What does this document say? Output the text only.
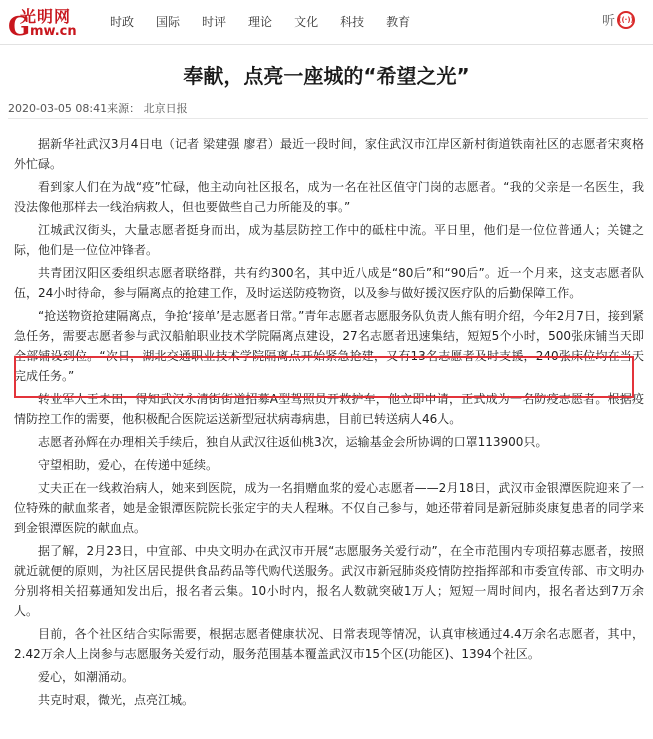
G
光明网
mw.cn
时政 国际 时评 理论 文化 科技 教育	听 ((·))
奉献，点亮一座城的“希望之光”
2020-03-05 08:41来源： 北京日报

据新华社武汉3月4日电（记者 梁建强 廖君）最近一段时间，家住武汉市江岸区新村街道铁南社区的志愿者宋爽格外忙碌。

看到家人们在为战“疫”忙碌，他主动向社区报名，成为一名在社区值守门岗的志愿者。“我的父亲是一名医生，我没法像他那样去一线治病救人，但也要做些自己力所能及的事。”

江城武汉街头，大量志愿者挺身而出，成为基层防控工作中的砥柱中流。平日里，他们是一位位普通人；关键之际，他们是一位位冲锋者。

共青团汉阳区委组织志愿者联络群，共有约300名，其中近八成是“80后”和“90后”。近一个月来，这支志愿者队伍，24小时待命，参与隔离点的抢建工作，及时运送防疫物资，以及参与做好援汉医疗队的后勤保障工作。

“抢送物资抢建隔离点，争抢‘接单’是志愿者日常。”青年志愿者志愿服务队负责人熊有明介绍，今年2月7日，接到紧急任务，需要志愿者参与武汉船舶职业技术学院隔离点建设，27名志愿者迅速集结，短短5个小时，500张床铺当天即全部铺设到位。“次日，湖北交通职业技术学院隔离点开始紧急抢建，又有13名志愿者及时支援，240张床位均在当天完成任务。”

转业军人王未田，得知武汉永清街街道招募A型驾照员开救护车，他立即申请，正式成为一名防疫志愿者。根据疫情防控工作的需要，他积极配合医院运送新型冠状病毒病患，目前已转送病人46人。

志愿者孙辉在办理相关手续后，独自从武汉往返仙桃3次，运输基金会所协调的口罩113900只。

守望相助，爱心，在传递中延续。

丈夫正在一线救治病人，她来到医院，成为一名捐赠血浆的爱心志愿者——2月18日，武汉市金银潭医院迎来了一位特殊的献血浆者，她是金银潭医院院长张定宇的夫人程琳。不仅自己参与，她还带着同是新冠肺炎康复患者的同学来到金银潭医院的献血点。

据了解，2月23日，中宣部、中央文明办在武汉市开展“志愿服务关爱行动”，在全市范围内专项招募志愿者，按照就近就便的原则，为社区居民提供食品药品等代购代送服务。武汉市新冠肺炎疫情防控指挥部和市委宣传部、市文明办分别将相关招募通知发出后，报名者云集。10小时内，报名人数就突破1万人；短短一周时间内，报名者达到7万余人。

目前，各个社区结合实际需要，根据志愿者健康状况、日常表现等情况，认真审核通过4.4万余名志愿者，其中，2.42万余人上岗参与志愿服务关爱行动，服务范围基本覆盖武汉市15个区(功能区)、1394个社区。

爱心，如潮涌动。

共克时艰，微光，点亮江城。
